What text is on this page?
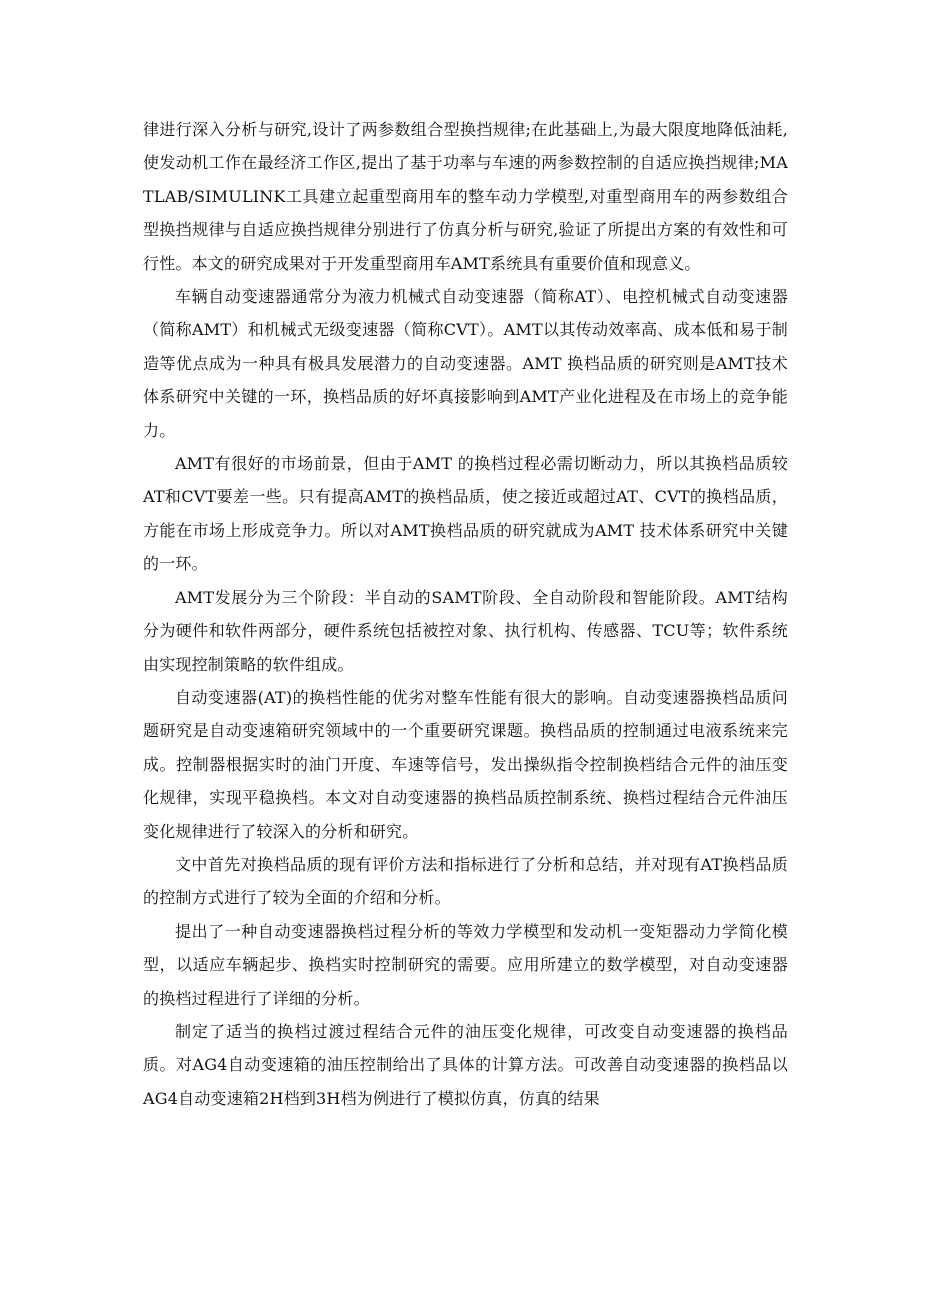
律进行深入分析与研究,设计了两参数组合型换挡规律;在此基础上,为最大限度地降低油耗,使发动机工作在最经济工作区,提出了基于功率与车速的两参数控制的自适应换挡规律;MATLAB/SIMULINK工具建立起重型商用车的整车动力学模型,对重型商用车的两参数组合型换挡规律与自适应换挡规律分别进行了仿真分析与研究,验证了所提出方案的有效性和可行性。本文的研究成果对于开发重型商用车AMT系统具有重要价值和现意义。

车辆自动变速器通常分为液力机械式自动变速器（简称AT）、电控机械式自动变速器（简称AMT）和机械式无级变速器（简称CVT）。AMT以其传动效率高、成本低和易于制造等优点成为一种具有极具发展潜力的自动变速器。AMT 换档品质的研究则是AMT技术体系研究中关键的一环，换档品质的好坏真接影响到AMT产业化进程及在市场上的竞争能力。

AMT有很好的市场前景，但由于AMT 的换档过程必需切断动力，所以其换档品质较AT和CVT要差一些。只有提高AMT的换档品质，使之接近或超过AT、CVT的换档品质，方能在市场上形成竞争力。所以对AMT换档品质的研究就成为AMT 技术体系研究中关键的一环。

AMT发展分为三个阶段：半自动的SAMT阶段、全自动阶段和智能阶段。AMT结构分为硬件和软件两部分，硬件系统包括被控对象、执行机构、传感器、TCU等；软件系统由实现控制策略的软件组成。

自动变速器(AT)的换档性能的优劣对整车性能有很大的影响。自动变速器换档品质问题研究是自动变速箱研究领域中的一个重要研究课题。换档品质的控制通过电液系统来完成。控制器根据实时的油门开度、车速等信号，发出操纵指令控制换档结合元件的油压变化规律，实现平稳换档。本文对自动变速器的换档品质控制系统、换档过程结合元件油压变化规律进行了较深入的分析和研究。

文中首先对换档品质的现有评价方法和指标进行了分析和总结，并对现有AT换档品质的控制方式进行了较为全面的介绍和分析。

提出了一种自动变速器换档过程分析的等效力学模型和发动机一变矩器动力学简化模型，以适应车辆起步、换档实时控制研究的需要。应用所建立的数学模型，对自动变速器的换档过程进行了详细的分析。

制定了适当的换档过渡过程结合元件的油压变化规律，可改变自动变速器的换档品质。对AG4自动变速箱的油压控制给出了具体的计算方法。可改善自动变速器的换档品以AG4自动变速箱2H档到3H档为例进行了模拟仿真，仿真的结果
